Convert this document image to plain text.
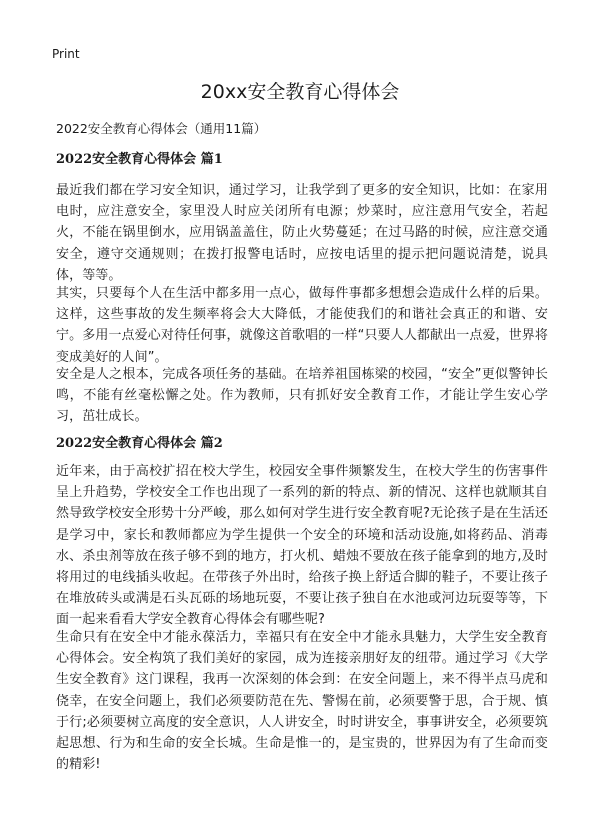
Print
20xx安全教育心得体会
2022安全教育心得体会（通用11篇）
2022安全教育心得体会 篇1
最近我们都在学习安全知识，通过学习，让我学到了更多的安全知识，比如：在家用电时，应注意安全，家里没人时应关闭所有电源；炒菜时，应注意用气安全，若起火，不能在锅里倒水，应用锅盖盖住，防止火势蔓延；在过马路的时候，应注意交通安全，遵守交通规则；在拨打报警电话时，应按电话里的提示把问题说清楚，说具体，等等。
其实，只要每个人在生活中都多用一点心，做每件事都多想想会造成什么样的后果。这样，这些事故的发生频率将会大大降低，才能使我们的和谐社会真正的和谐、安宁。多用一点爱心对待任何事，就像这首歌唱的一样“只要人人都献出一点爱，世界将变成美好的人间”。
安全是人之根本，完成各项任务的基础。在培养祖国栋梁的校园，“安全”更似警钟长鸣，不能有丝毫松懈之处。作为教师，只有抓好安全教育工作，才能让学生安心学习，茁壮成长。
2022安全教育心得体会 篇2
近年来，由于高校扩招在校大学生，校园安全事件频繁发生，在校大学生的伤害事件呈上升趋势，学校安全工作也出现了一系列的新的特点、新的情况、这样也就顺其自然导致学校安全形势十分严峻，那么如何对学生进行安全教育呢?无论孩子是在生活还是学习中，家长和教师都应为学生提供一个安全的环境和活动设施,如将药品、消毒水、杀虫剂等放在孩子够不到的地方，打火机、蜡烛不要放在孩子能拿到的地方,及时将用过的电线插头收起。在带孩子外出时，给孩子换上舒适合脚的鞋子，不要让孩子在堆放砖头或满是石头瓦砾的场地玩耍，不要让孩子独自在水池或河边玩耍等等，下面一起来看看大学安全教育心得体会有哪些呢?
生命只有在安全中才能永葆活力，幸福只有在安全中才能永具魅力，大学生安全教育心得体会。安全构筑了我们美好的家园，成为连接亲朋好友的纽带。通过学习《大学生安全教育》这门课程，我再一次深刻的体会到：在安全问题上，来不得半点马虎和侥幸，在安全问题上，我们必须要防范在先、警惕在前，必须要警于思，合于规、慎于行;必须要树立高度的安全意识，人人讲安全，时时讲安全，事事讲安全，必须要筑起思想、行为和生命的安全长城。生命是惟一的，是宝贵的，世界因为有了生命而变的精彩!
